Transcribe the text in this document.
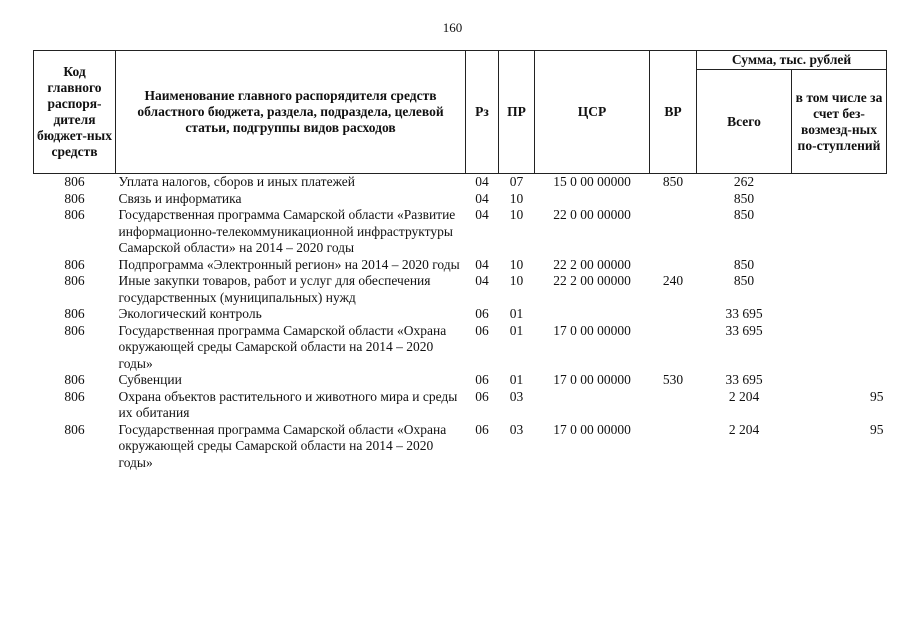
160
Код главного распоря-дителя бюджет-ных средств	Наименование главного распорядителя средств областного бюджета, раздела, подраздела, целевой статьи, подгруппы видов расходов	Рз	ПР	ЦСР	ВР	Сумма, тыс. рублей	
						Всего	в том числе за счет без-возмезд-ных по-ступлений
806	Уплата налогов, сборов и иных платежей	04	07	15 0 00 00000	850	262	
806	Связь и информатика	04	10			850	
806	Государственная программа Самарской области «Развитие информационно-телекоммуникационной инфраструктуры Самарской области» на 2014 – 2020 годы	04	10	22 0 00 00000		850	
806	Подпрограмма «Электронный регион» на 2014 – 2020 годы	04	10	22 2 00 00000		850	
806	Иные закупки товаров, работ и услуг для обеспечения государственных (муниципальных) нужд	04	10	22 2 00 00000	240	850	
806	Экологический контроль	06	01			33 695	
806	Государственная программа Самарской области «Охрана окружающей среды Самарской области на 2014 – 2020 годы»	06	01	17 0 00 00000		33 695	
806	Субвенции	06	01	17 0 00 00000	530	33 695	
806	Охрана объектов растительного и животного мира и среды их обитания	06	03			2 204	95
806	Государственная программа Самарской области «Охрана окружающей среды Самарской области на 2014 – 2020 годы»	06	03	17 0 00 00000		2 204	95
